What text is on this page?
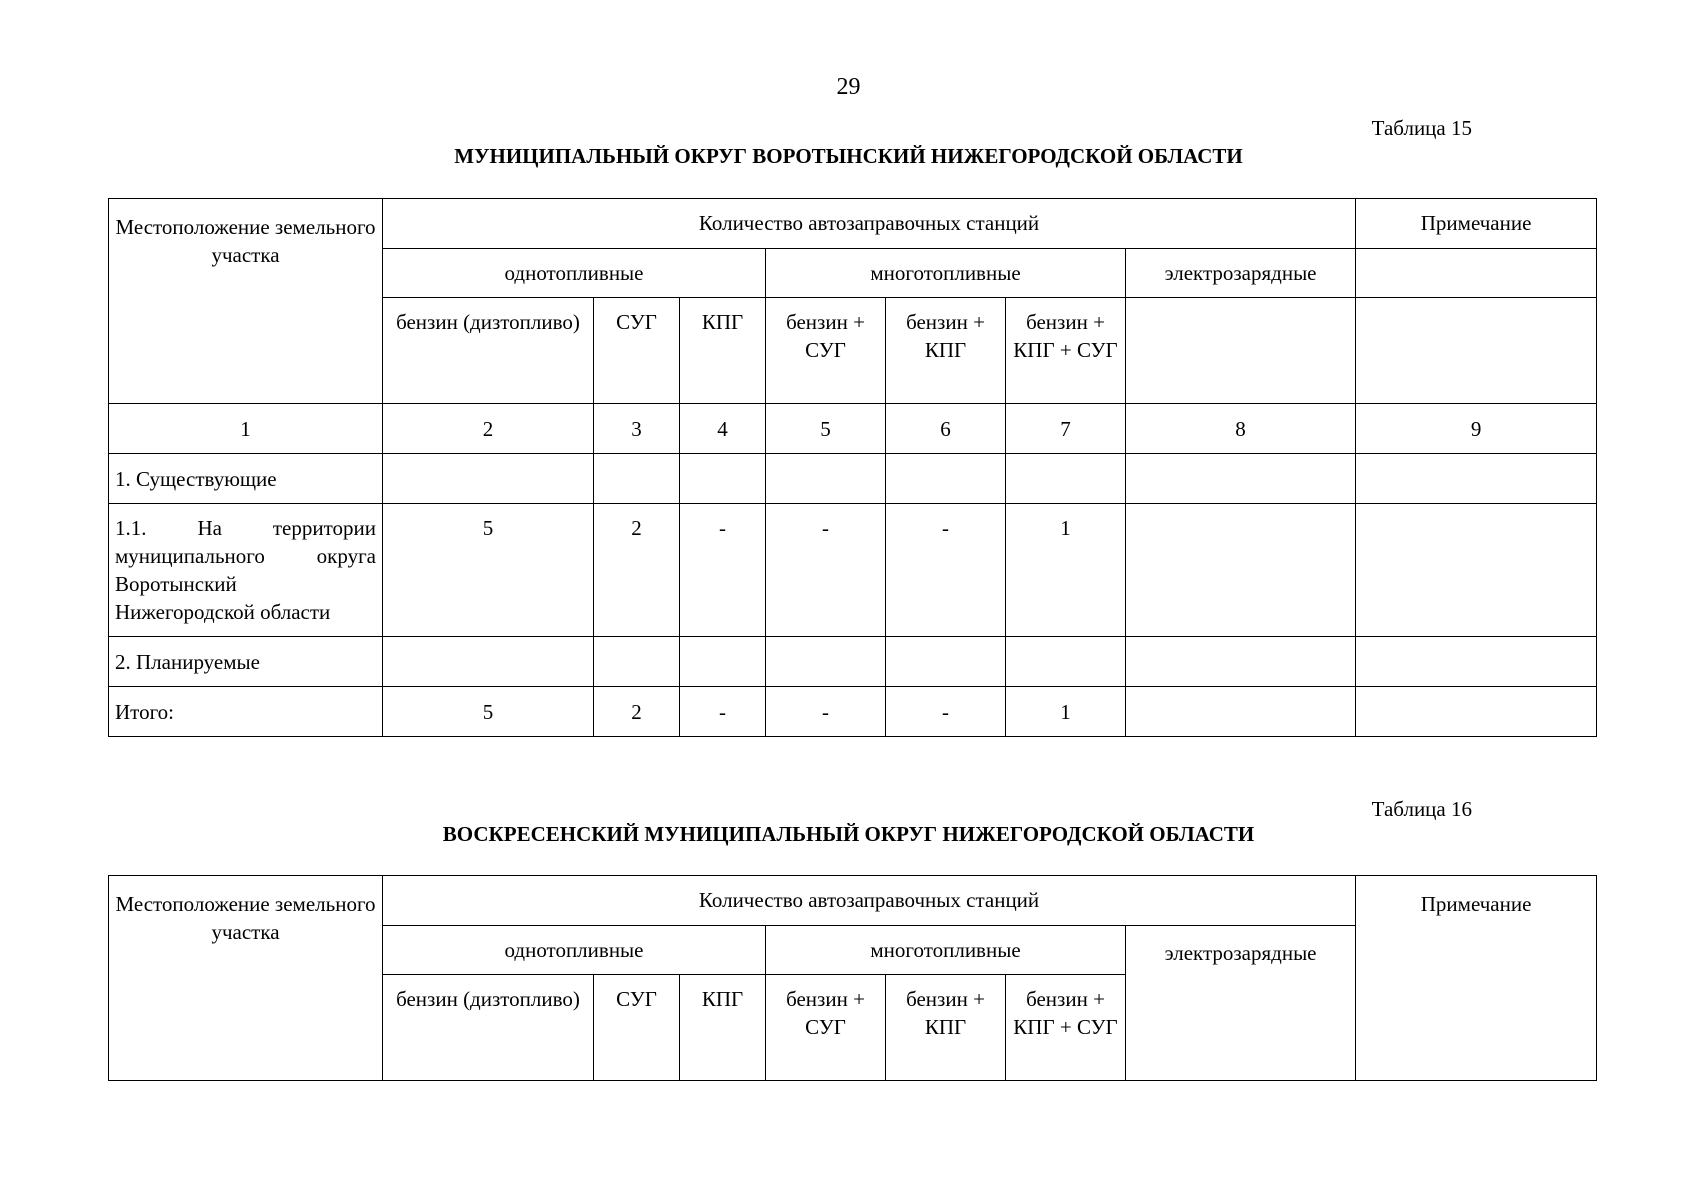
29
Таблица 15
МУНИЦИПАЛЬНЫЙ ОКРУГ ВОРОТЫНСКИЙ НИЖЕГОРОДСКОЙ ОБЛАСТИ
Местоположение земельного участка	Количество автозаправочных станций							Примечание
	однотопливные			многотопливные			электрозарядные	
	бензин (дизтопливо)	СУГ	КПГ	бензин + СУГ	бензин + КПГ	бензин + КПГ + СУГ		
1	2	3	4	5	6	7	8	9
1. Существующие								
1.1. На территории муниципального округа Воротынский Нижегородской области	5	2	-	-	-	1		
2. Планируемые								
Итого:	5	2	-	-	-	1		
Таблица 16
ВОСКРЕСЕНСКИЙ МУНИЦИПАЛЬНЫЙ ОКРУГ НИЖЕГОРОДСКОЙ ОБЛАСТИ
Местоположение земельного участка	Количество автозаправочных станций							Примечание
	однотопливные			многотопливные			электрозарядные	
	бензин (дизтопливо)	СУГ	КПГ	бензин + СУГ	бензин + КПГ	бензин + КПГ + СУГ		
